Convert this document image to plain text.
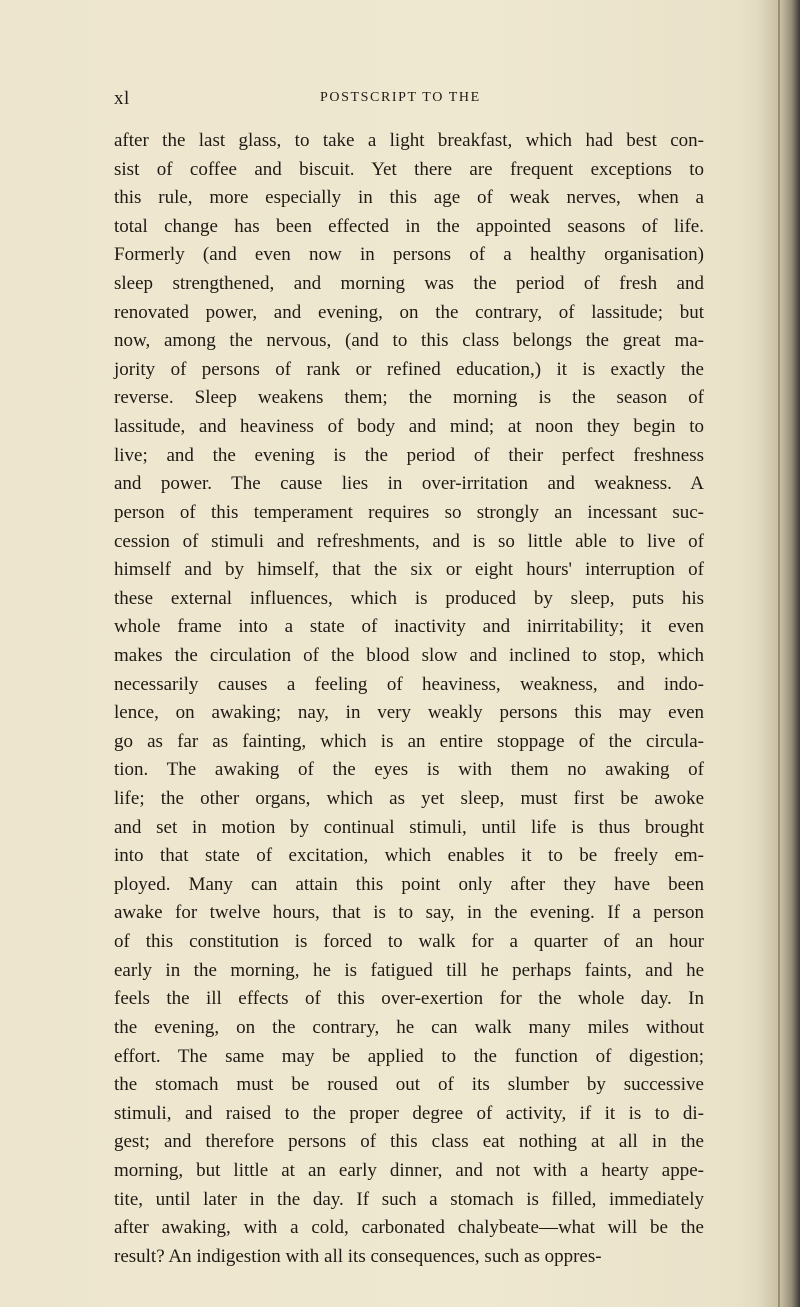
xl	POSTSCRIPT TO THE
after the last glass, to take a light breakfast, which had best con-
sist of coffee and biscuit. Yet there are frequent exceptions to
this rule, more especially in this age of weak nerves, when a
total change has been effected in the appointed seasons of life.
Formerly (and even now in persons of a healthy organisation)
sleep strengthened, and morning was the period of fresh and
renovated power, and evening, on the contrary, of lassitude; but
now, among the nervous, (and to this class belongs the great ma-
jority of persons of rank or refined education,) it is exactly the
reverse. Sleep weakens them; the morning is the season of
lassitude, and heaviness of body and mind; at noon they begin to
live; and the evening is the period of their perfect freshness
and power. The cause lies in over-irritation and weakness. A
person of this temperament requires so strongly an incessant suc-
cession of stimuli and refreshments, and is so little able to live of
himself and by himself, that the six or eight hours' interruption of
these external influences, which is produced by sleep, puts his
whole frame into a state of inactivity and inirritability; it even
makes the circulation of the blood slow and inclined to stop, which
necessarily causes a feeling of heaviness, weakness, and indo-
lence, on awaking; nay, in very weakly persons this may even
go as far as fainting, which is an entire stoppage of the circula-
tion. The awaking of the eyes is with them no awaking of
life; the other organs, which as yet sleep, must first be awoke
and set in motion by continual stimuli, until life is thus brought
into that state of excitation, which enables it to be freely em-
ployed. Many can attain this point only after they have been
awake for twelve hours, that is to say, in the evening. If a person
of this constitution is forced to walk for a quarter of an hour
early in the morning, he is fatigued till he perhaps faints, and he
feels the ill effects of this over-exertion for the whole day. In
the evening, on the contrary, he can walk many miles without
effort. The same may be applied to the function of digestion;
the stomach must be roused out of its slumber by successive
stimuli, and raised to the proper degree of activity, if it is to di-
gest; and therefore persons of this class eat nothing at all in the
morning, but little at an early dinner, and not with a hearty appe-
tite, until later in the day. If such a stomach is filled, immediately
after awaking, with a cold, carbonated chalybeate—what will be the
result? An indigestion with all its consequences, such as oppres-
